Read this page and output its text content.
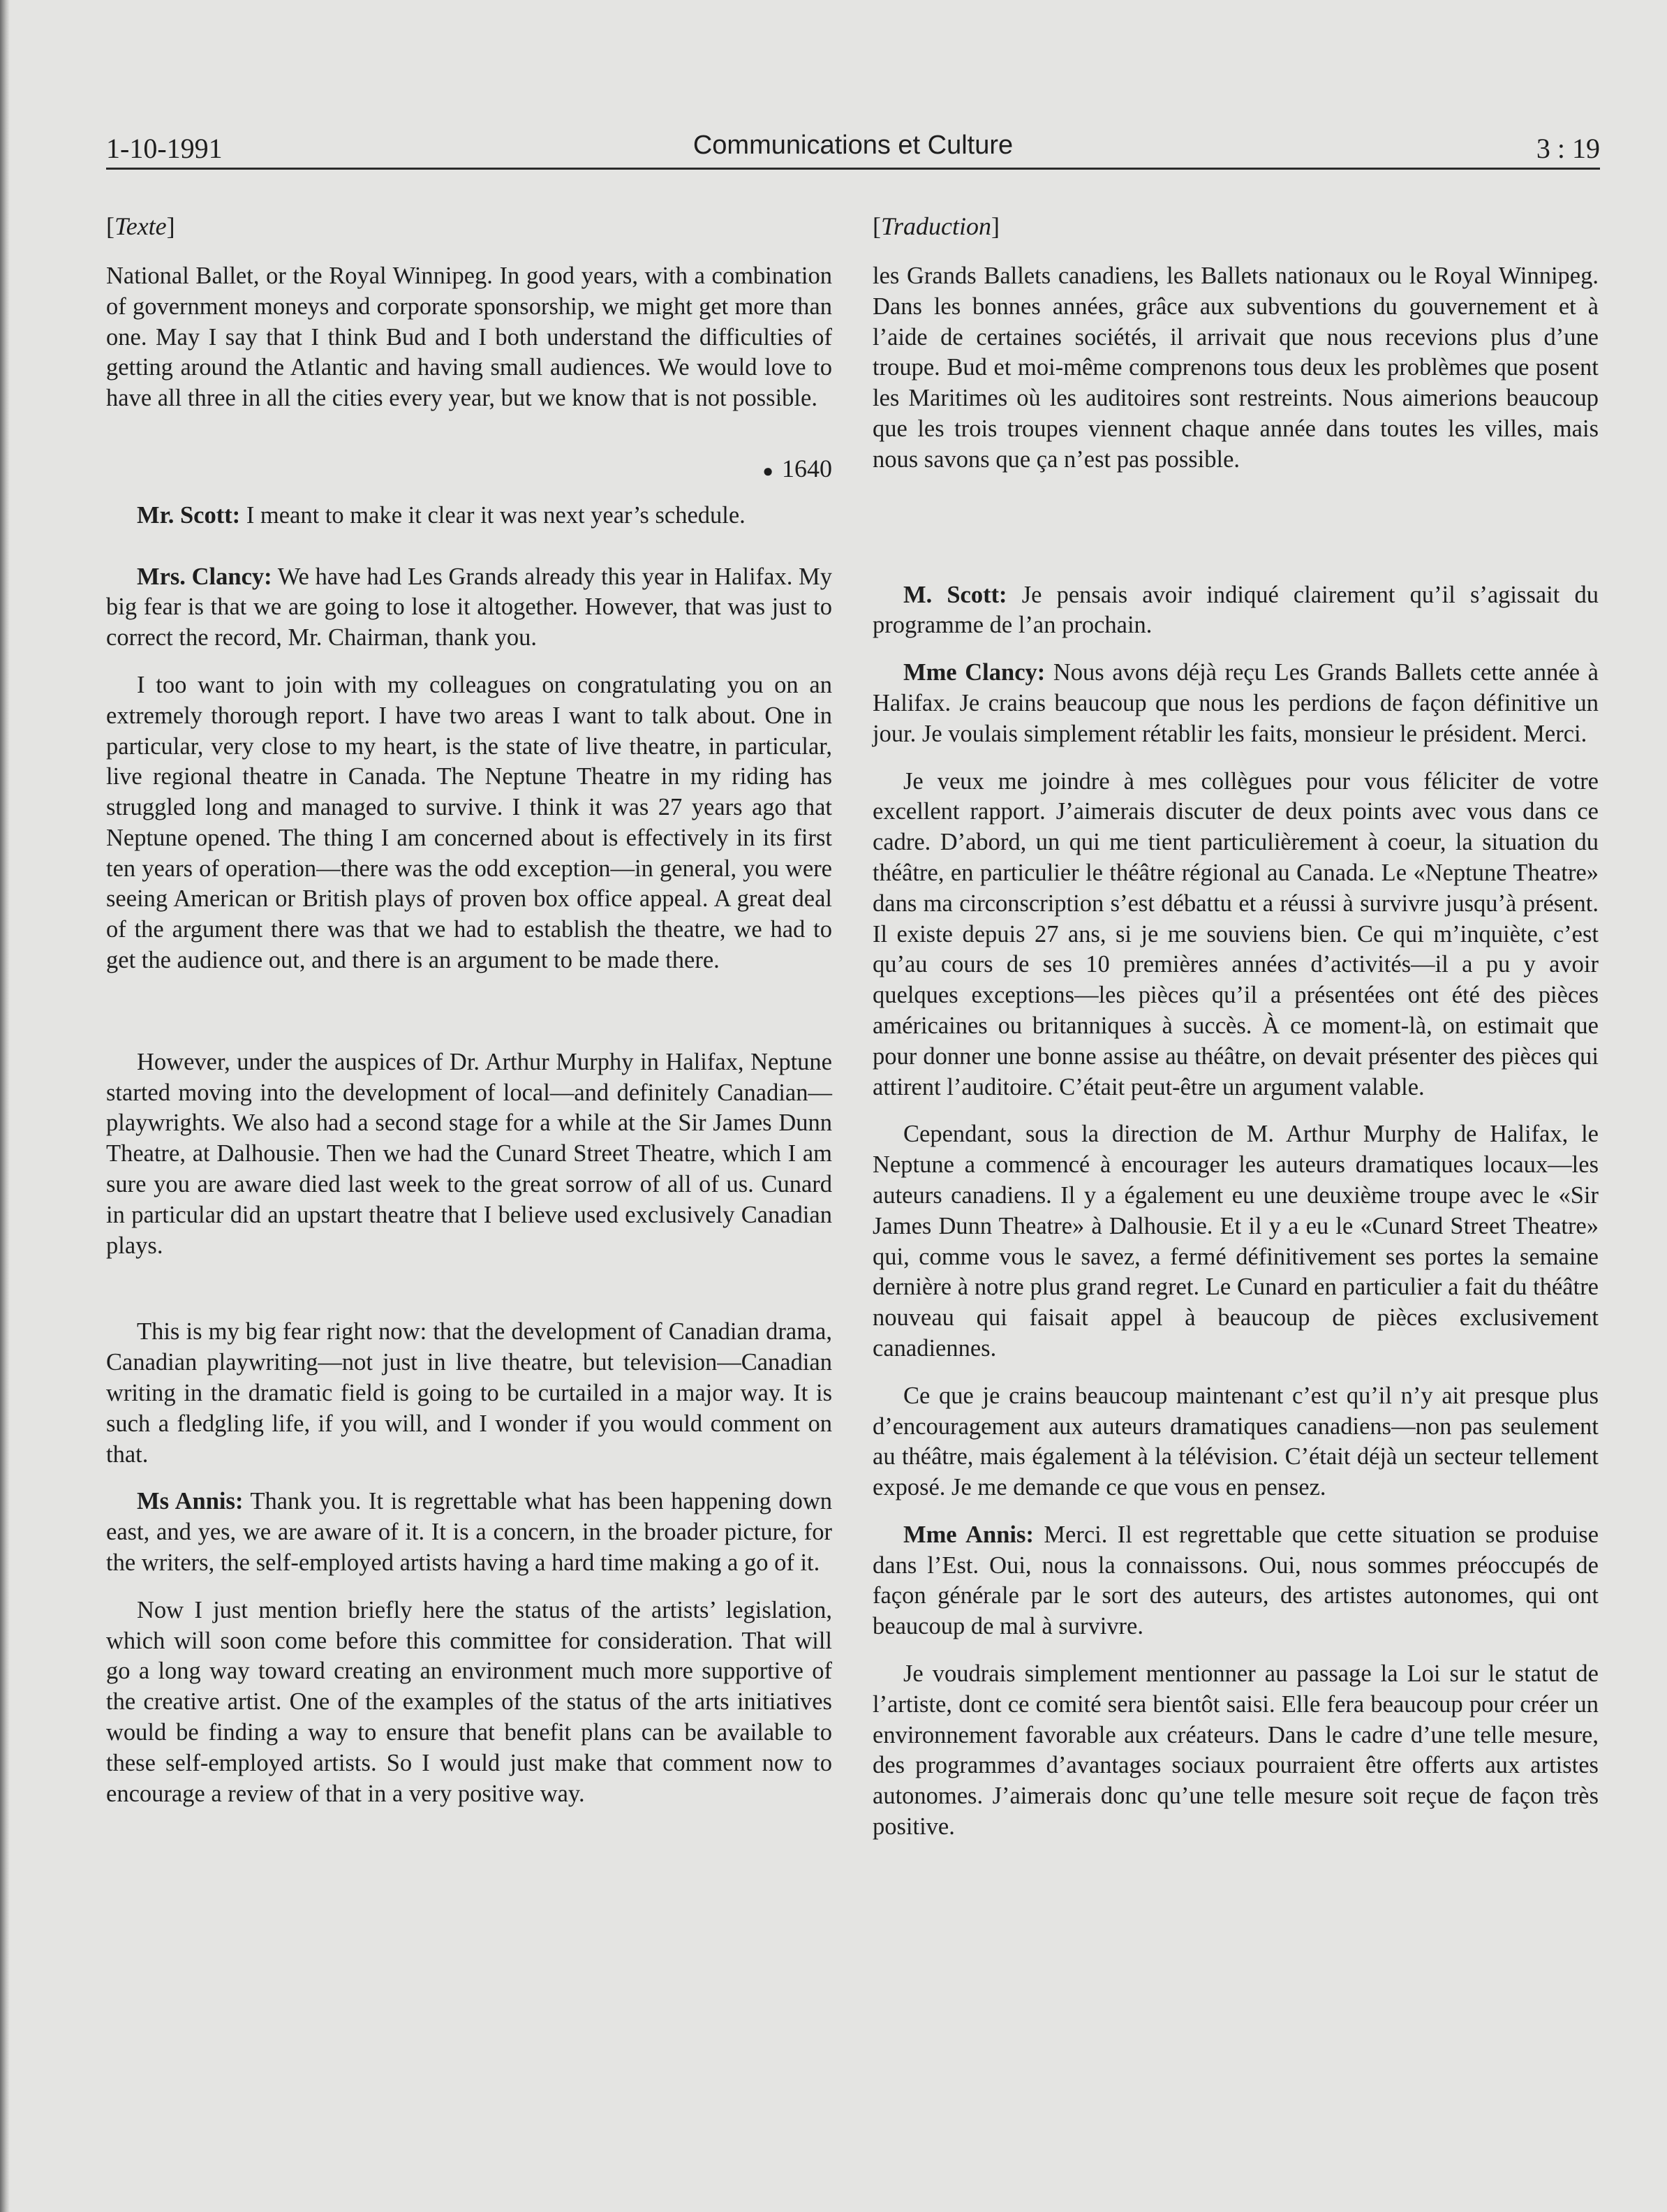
1-10-1991	Communications et Culture	3 : 19
[Texte]

National Ballet, or the Royal Winnipeg. In good years, with a combination of government moneys and corporate sponsorship, we might get more than one. May I say that I think Bud and I both understand the difficulties of getting around the Atlantic and having small audiences. We would love to have all three in all the cities every year, but we know that is not possible.

● 1640

Mr. Scott: I meant to make it clear it was next year’s schedule.

Mrs. Clancy: We have had Les Grands already this year in Halifax. My big fear is that we are going to lose it altogether. However, that was just to correct the record, Mr. Chairman, thank you.

I too want to join with my colleagues on congratulating you on an extremely thorough report. I have two areas I want to talk about. One in particular, very close to my heart, is the state of live theatre, in particular, live regional theatre in Canada. The Neptune Theatre in my riding has struggled long and managed to survive. I think it was 27 years ago that Neptune opened. The thing I am concerned about is effectively in its first ten years of operation—there was the odd exception—in general, you were seeing American or British plays of proven box office appeal. A great deal of the argument there was that we had to establish the theatre, we had to get the audience out, and there is an argument to be made there.

However, under the auspices of Dr. Arthur Murphy in Halifax, Neptune started moving into the development of local—and definitely Canadian—playwrights. We also had a second stage for a while at the Sir James Dunn Theatre, at Dalhousie. Then we had the Cunard Street Theatre, which I am sure you are aware died last week to the great sorrow of all of us. Cunard in particular did an upstart theatre that I believe used exclusively Canadian plays.

This is my big fear right now: that the development of Canadian drama, Canadian playwriting—not just in live theatre, but television—Canadian writing in the dramatic field is going to be curtailed in a major way. It is such a fledgling life, if you will, and I wonder if you would comment on that.

Ms Annis: Thank you. It is regrettable what has been happening down east, and yes, we are aware of it. It is a concern, in the broader picture, for the writers, the self-employed artists having a hard time making a go of it.

Now I just mention briefly here the status of the artists’ legislation, which will soon come before this committee for consideration. That will go a long way toward creating an environment much more supportive of the creative artist. One of the examples of the status of the arts initiatives would be finding a way to ensure that benefit plans can be available to these self-employed artists. So I would just make that comment now to encourage a review of that in a very positive way.

[Traduction]

les Grands Ballets canadiens, les Ballets nationaux ou le Royal Winnipeg. Dans les bonnes années, grâce aux subventions du gouvernement et à l’aide de certaines sociétés, il arrivait que nous recevions plus d’une troupe. Bud et moi-même comprenons tous deux les problèmes que posent les Maritimes où les auditoires sont restreints. Nous aimerions beaucoup que les trois troupes viennent chaque année dans toutes les villes, mais nous savons que ça n’est pas possible.

M. Scott: Je pensais avoir indiqué clairement qu’il s’agissait du programme de l’an prochain.

Mme Clancy: Nous avons déjà reçu Les Grands Ballets cette année à Halifax. Je crains beaucoup que nous les perdions de façon définitive un jour. Je voulais simplement rétablir les faits, monsieur le président. Merci.

Je veux me joindre à mes collègues pour vous féliciter de votre excellent rapport. J’aimerais discuter de deux points avec vous dans ce cadre. D’abord, un qui me tient particulièrement à coeur, la situation du théâtre, en particulier le théâtre régional au Canada. Le «Neptune Theatre» dans ma circonscription s’est débattu et a réussi à survivre jusqu’à présent. Il existe depuis 27 ans, si je me souviens bien. Ce qui m’inquiète, c’est qu’au cours de ses 10 premières années d’activités—il a pu y avoir quelques exceptions—les pièces qu’il a présentées ont été des pièces américaines ou britanniques à succès. À ce moment-là, on estimait que pour donner une bonne assise au théâtre, on devait présenter des pièces qui attirent l’auditoire. C’était peut-être un argument valable.

Cependant, sous la direction de M. Arthur Murphy de Halifax, le Neptune a commencé à encourager les auteurs dramatiques locaux—les auteurs canadiens. Il y a également eu une deuxième troupe avec le «Sir James Dunn Theatre» à Dalhousie. Et il y a eu le «Cunard Street Theatre» qui, comme vous le savez, a fermé définitivement ses portes la semaine dernière à notre plus grand regret. Le Cunard en particulier a fait du théâtre nouveau qui faisait appel à beaucoup de pièces exclusivement canadiennes.

Ce que je crains beaucoup maintenant c’est qu’il n’y ait presque plus d’encouragement aux auteurs dramatiques canadiens—non pas seulement au théâtre, mais également à la télévision. C’était déjà un secteur tellement exposé. Je me demande ce que vous en pensez.

Mme Annis: Merci. Il est regrettable que cette situation se produise dans l’Est. Oui, nous la connaissons. Oui, nous sommes préoccupés de façon générale par le sort des auteurs, des artistes autonomes, qui ont beaucoup de mal à survivre.

Je voudrais simplement mentionner au passage la Loi sur le statut de l’artiste, dont ce comité sera bientôt saisi. Elle fera beaucoup pour créer un environnement favorable aux créateurs. Dans le cadre d’une telle mesure, des programmes d’avantages sociaux pourraient être offerts aux artistes autonomes. J’aimerais donc qu’une telle mesure soit reçue de façon très positive.
